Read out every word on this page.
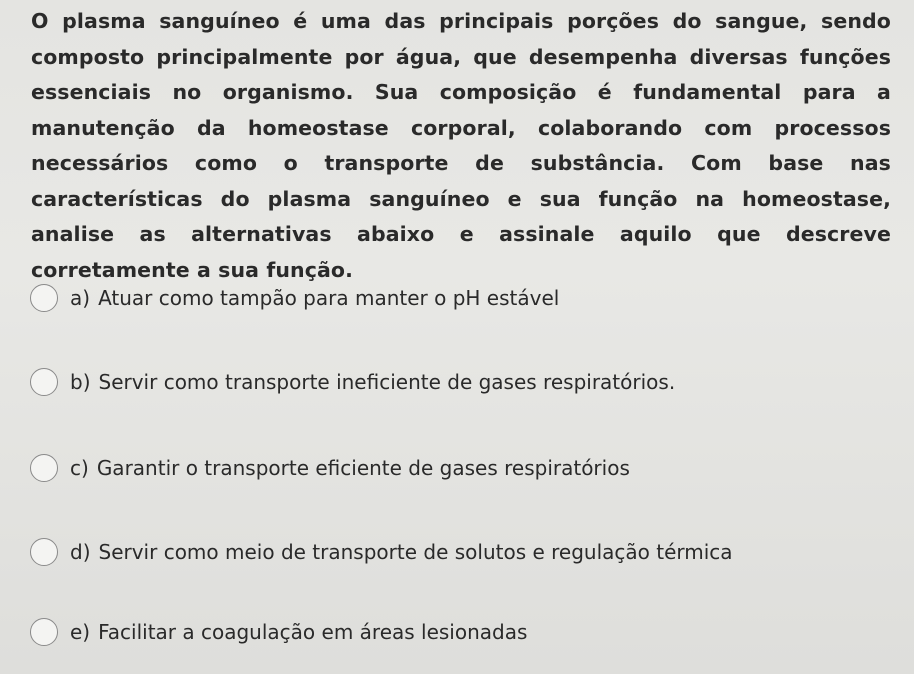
O plasma sanguíneo é uma das principais porções do sangue, sendo composto principalmente por água, que desempenha diversas funções essenciais no organismo. Sua composição é fundamental para a manutenção da homeostase corporal, colaborando com processos necessários como o transporte de substância. Com base nas características do plasma sanguíneo e sua função na homeostase, analise as alternativas abaixo e assinale aquilo que descreve corretamente a sua função.
a) Atuar como tampão para manter o pH estável
b) Servir como transporte ineficiente de gases respiratórios.
c) Garantir o transporte eficiente de gases respiratórios
d) Servir como meio de transporte de solutos e regulação térmica
e) Facilitar a coagulação em áreas lesionadas
